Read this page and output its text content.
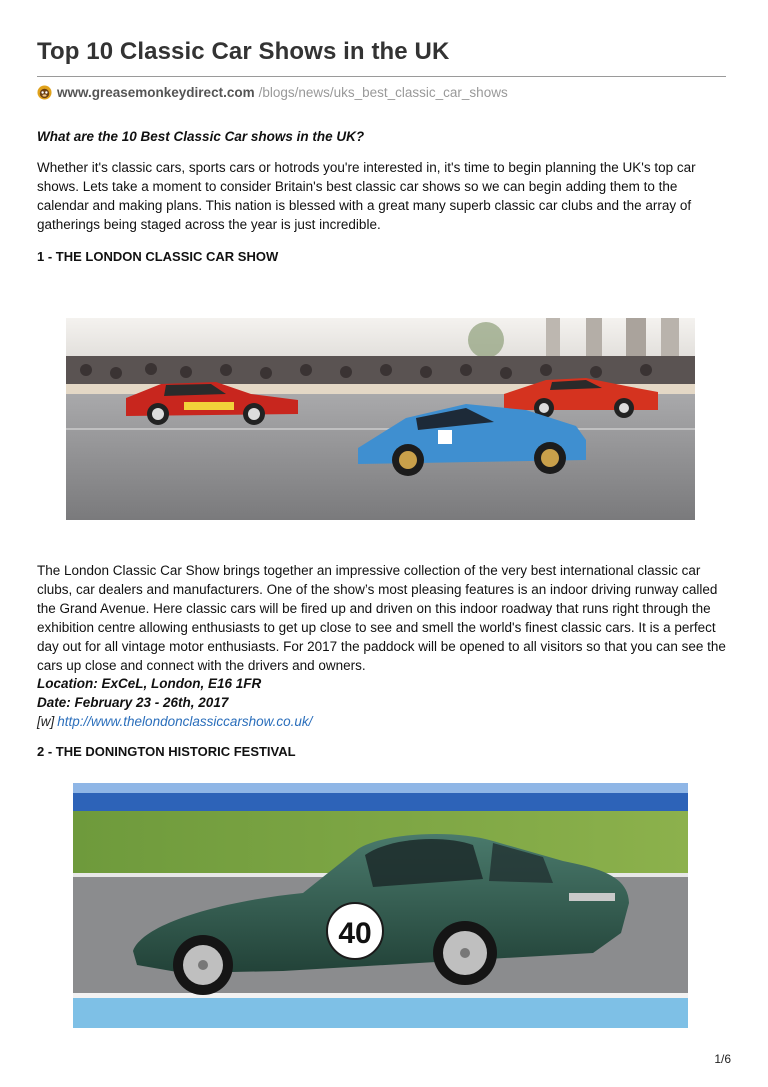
Top 10 Classic Car Shows in the UK
www.greasemonkeydirect.com /blogs/news/uks_best_classic_car_shows
What are the 10 Best Classic Car shows in the UK?
Whether it's classic cars, sports cars or hotrods you're interested in, it's time to begin planning the UK's top car shows. Lets take a moment to consider Britain's best classic car shows so we can begin adding them to the calendar and making plans. This nation is blessed with a great many superb classic car clubs and the array of gatherings being staged across the year is just incredible.
1 - THE LONDON CLASSIC CAR SHOW
The London Classic Car Show brings together an impressive collection of the very best international classic car clubs, car dealers and manufacturers. One of the show’s most pleasing features is an indoor driving runway called the Grand Avenue. Here classic cars will be fired up and driven on this indoor roadway that runs right through the exhibition centre allowing enthusiasts to get up close to see and smell the world's finest classic cars. It is a perfect day out for all vintage motor enthusiasts. For 2017 the paddock will be opened to all visitors so that you can see the cars up close and connect with the drivers and owners.
Location: ExCeL, London, E16 1FR
Date: February 23 - 26th, 2017
[w] http://www.thelondonclassiccarshow.co.uk/
2 - THE DONINGTON HISTORIC FESTIVAL
40
1/6
